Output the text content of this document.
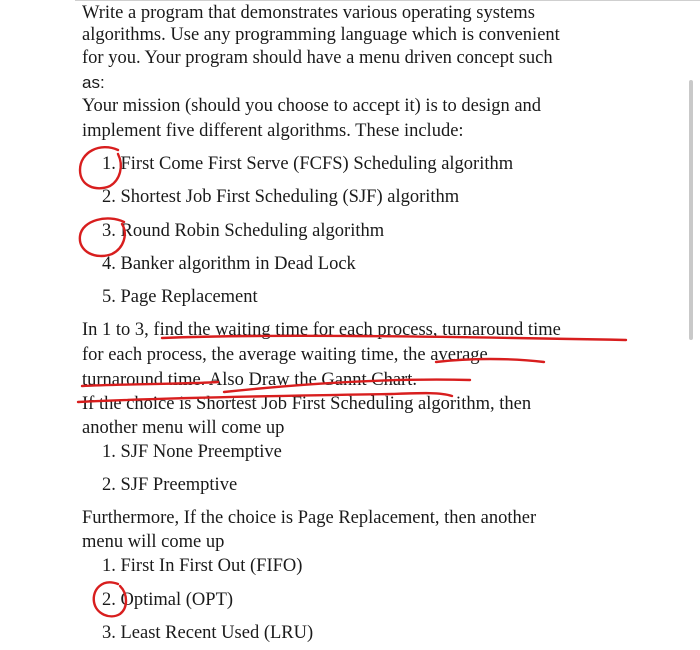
Write a program that demonstrates various operating systems
algorithms. Use any programming language which is convenient
for you. Your program should have a menu driven concept such
as:
Your mission (should you choose to accept it) is to design and
implement five different algorithms. These include:
1. First Come First Serve (FCFS) Scheduling algorithm
2. Shortest Job First Scheduling (SJF) algorithm
3. Round Robin Scheduling algorithm
4. Banker algorithm in Dead Lock
5. Page Replacement
In 1 to 3, find the waiting time for each process, turnaround time
for each process, the average waiting time, the average
turnaround time. Also Draw the Gannt Chart.
If the choice is Shortest Job First Scheduling algorithm, then
another menu will come up
1. SJF None Preemptive
2. SJF Preemptive
Furthermore, If the choice is Page Replacement, then another
menu will come up
1. First In First Out (FIFO)
2. Optimal (OPT)
3. Least Recent Used (LRU)
